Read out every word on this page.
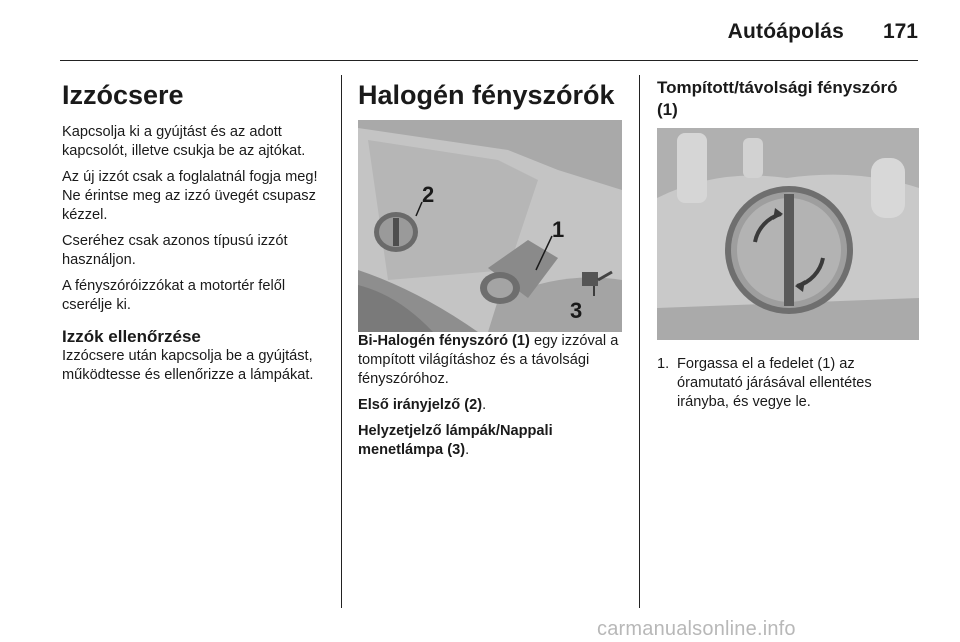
Autóápolás 171
Izzócsere

Kapcsolja ki a gyújtást és az adott kapcsolót, illetve csukja be az ajtókat.

Az új izzót csak a foglalatnál fogja meg! Ne érintse meg az izzó üvegét csupasz kézzel.

Cseréhez csak azonos típusú izzót használjon.

A fényszóróizzókat a motortér felől cserélje ki.

Izzók ellenőrzése

Izzócsere után kapcsolja be a gyújtást, működtesse és ellenőrizze a lámpákat.

Halogén fényszórók
2
1
3

Bi-Halogén fényszóró (1) egy izzóval a tompított világításhoz és a távolsági fényszóróhoz.

Első irányjelző (2).

Helyzetjelző lámpák/Nappali menetlámpa (3).

Tompított/távolsági fényszóró (1)
1. Forgassa el a fedelet (1) az óramutató járásával ellentétes irányba, és vegye le.
carmanualsonline.info
